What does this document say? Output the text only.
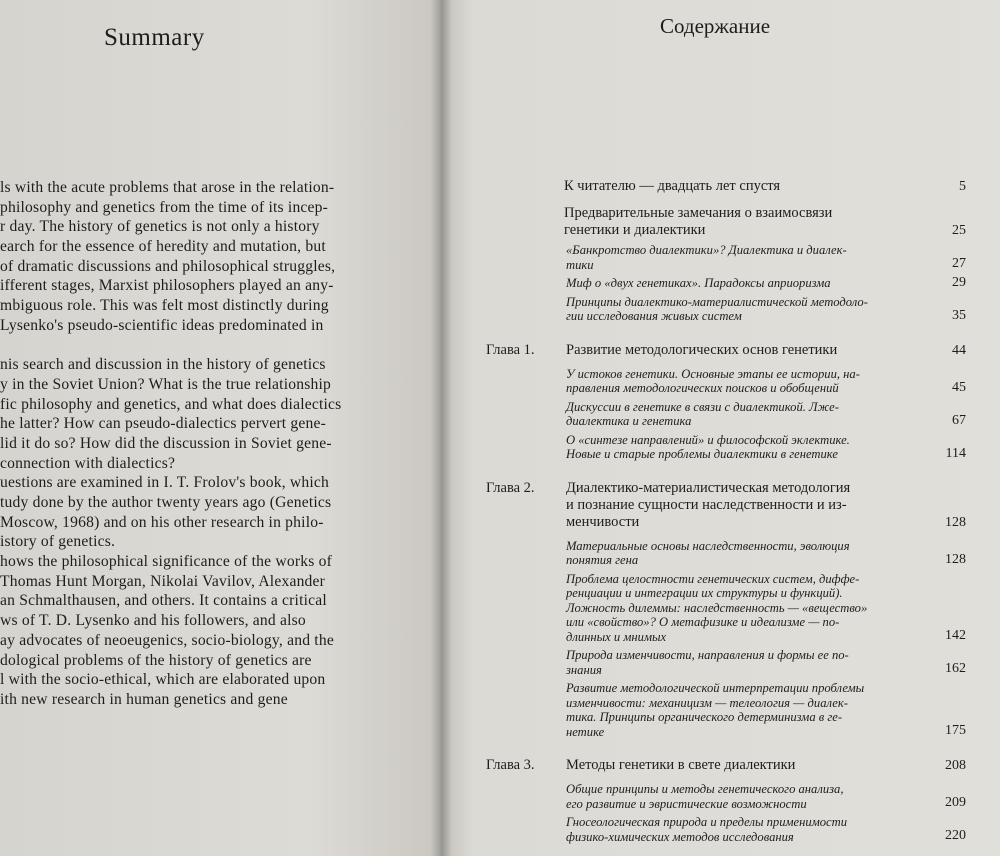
Summary
ls with the acute problems that arose in the relation-
philosophy and genetics from the time of its incep-
r day. The history of genetics is not only a history
earch for the essence of heredity and mutation, but
of dramatic discussions and philosophical struggles,
ifferent stages, Marxist philosophers played an any-
mbiguous role. This was felt most distinctly during
Lysenko's pseudo-scientific ideas predominated in

nis search and discussion in the history of genetics
y in the Soviet Union? What is the true relationship
fic philosophy and genetics, and what does dialectics
he latter? How can pseudo-dialectics pervert gene-
lid it do so? How did the discussion in Soviet gene-
connection with dialectics?
uestions are examined in I. T. Frolov's book, which
tudy done by the author twenty years ago (Genetics
Moscow, 1968) and on his other research in philo-
istory of genetics.
hows the philosophical significance of the works of
Thomas Hunt Morgan, Nikolai Vavilov, Alexander
an Schmalthausen, and others. It contains a critical
ws of T. D. Lysenko and his followers, and also
ay advocates of neoeugenics, socio-biology, and the
dological problems of the history of genetics are
l with the socio-ethical, which are elaborated upon
ith new research in human genetics and gene
Содержание
К читателю — двадцать лет спустя	5
Предварительные замечания о взаимосвязи
генетики и диалектики	25
«Банкротство диалектики»? Диалектика и диалек-
тики	27
Миф о «двух генетиках». Парадоксы априоризма	29
Принципы диалектико-материалистической методоло-
гии исследования живых систем	35
Глава 1. Развитие методологических основ генетики	44
У истоков генетики. Основные этапы ее истории, на-
правления методологических поисков и обобщений	45
Дискуссии в генетике в связи с диалектикой. Лже-
диалектика и генетика	67
О «синтезе направлений» и философской эклектике.
Новые и старые проблемы диалектики в генетике	114
Глава 2. Диалектико-материалистическая методология
и познание сущности наследственности и из-
менчивости	128
Материальные основы наследственности, эволюция
понятия гена	128
Проблема целостности генетических систем, диффе-
ренциации и интеграции их структуры и функций).
Ложность дилеммы: наследственность — «вещество»
или «свойство»? О метафизике и идеализме — по-
длинных и мнимых	142
Природа изменчивости, направления и формы ее по-
знания	162
Развитие методологической интерпретации проблемы
изменчивости: механицизм — телеология — диалек-
тика. Принципы органического детерминизма в ге-
нетике	175
Глава 3. Методы генетики в свете диалектики	208
Общие принципы и методы генетического анализа,
его развитие и эвристические возможности	209
Гносеологическая природа и пределы применимости
физико-химических методов исследования	220
